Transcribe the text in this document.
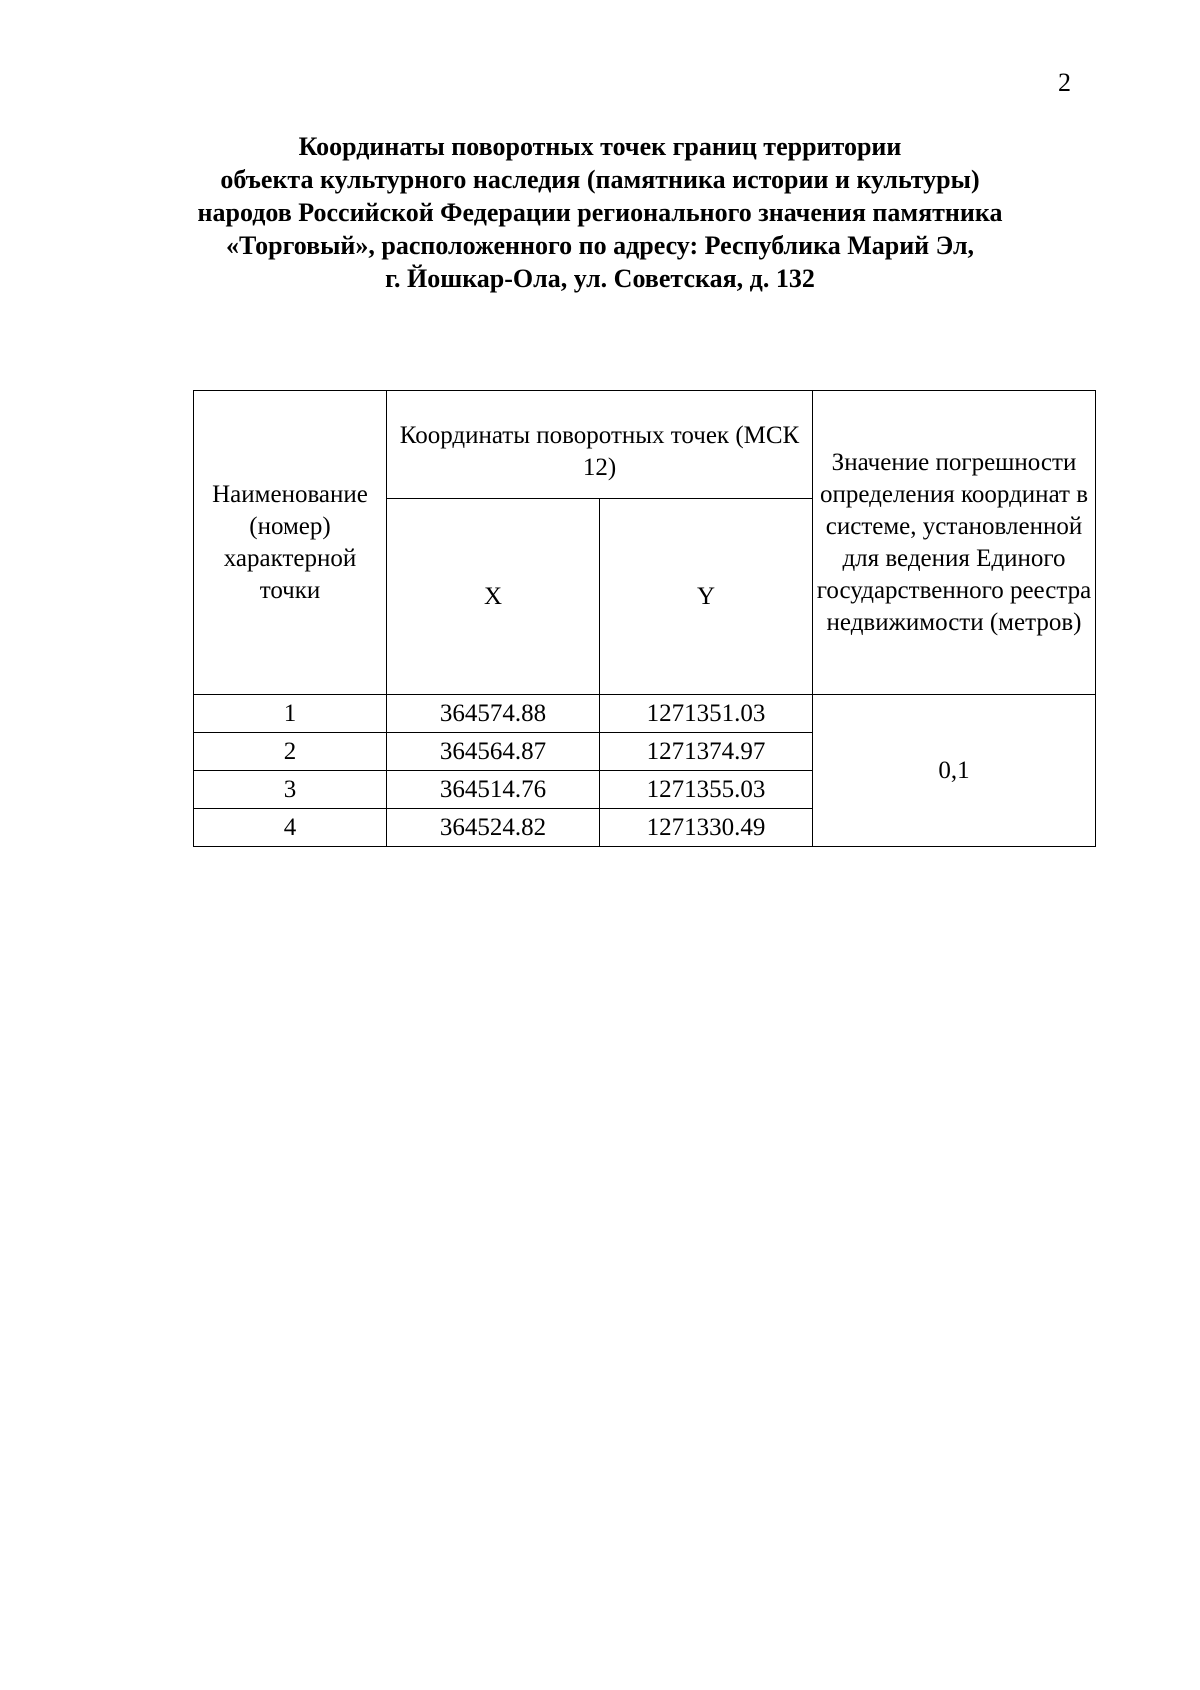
2
Координаты поворотных точек границ территории
объекта культурного наследия (памятника истории и культуры)
народов Российской Федерации регионального значения памятника
«Торговый», расположенного по адресу: Республика Марий Эл,
г. Йошкар-Ола, ул. Советская, д. 132
Наименование (номер) характерной точки	Координаты поворотных точек (МСК 12)		Значение погрешности определения координат в системе, установленной для ведения Единого государственного реестра недвижимости (метров)
	X	Y	
1	364574.88	1271351.03	0,1
2	364564.87	1271374.97	
3	364514.76	1271355.03	
4	364524.82	1271330.49	
